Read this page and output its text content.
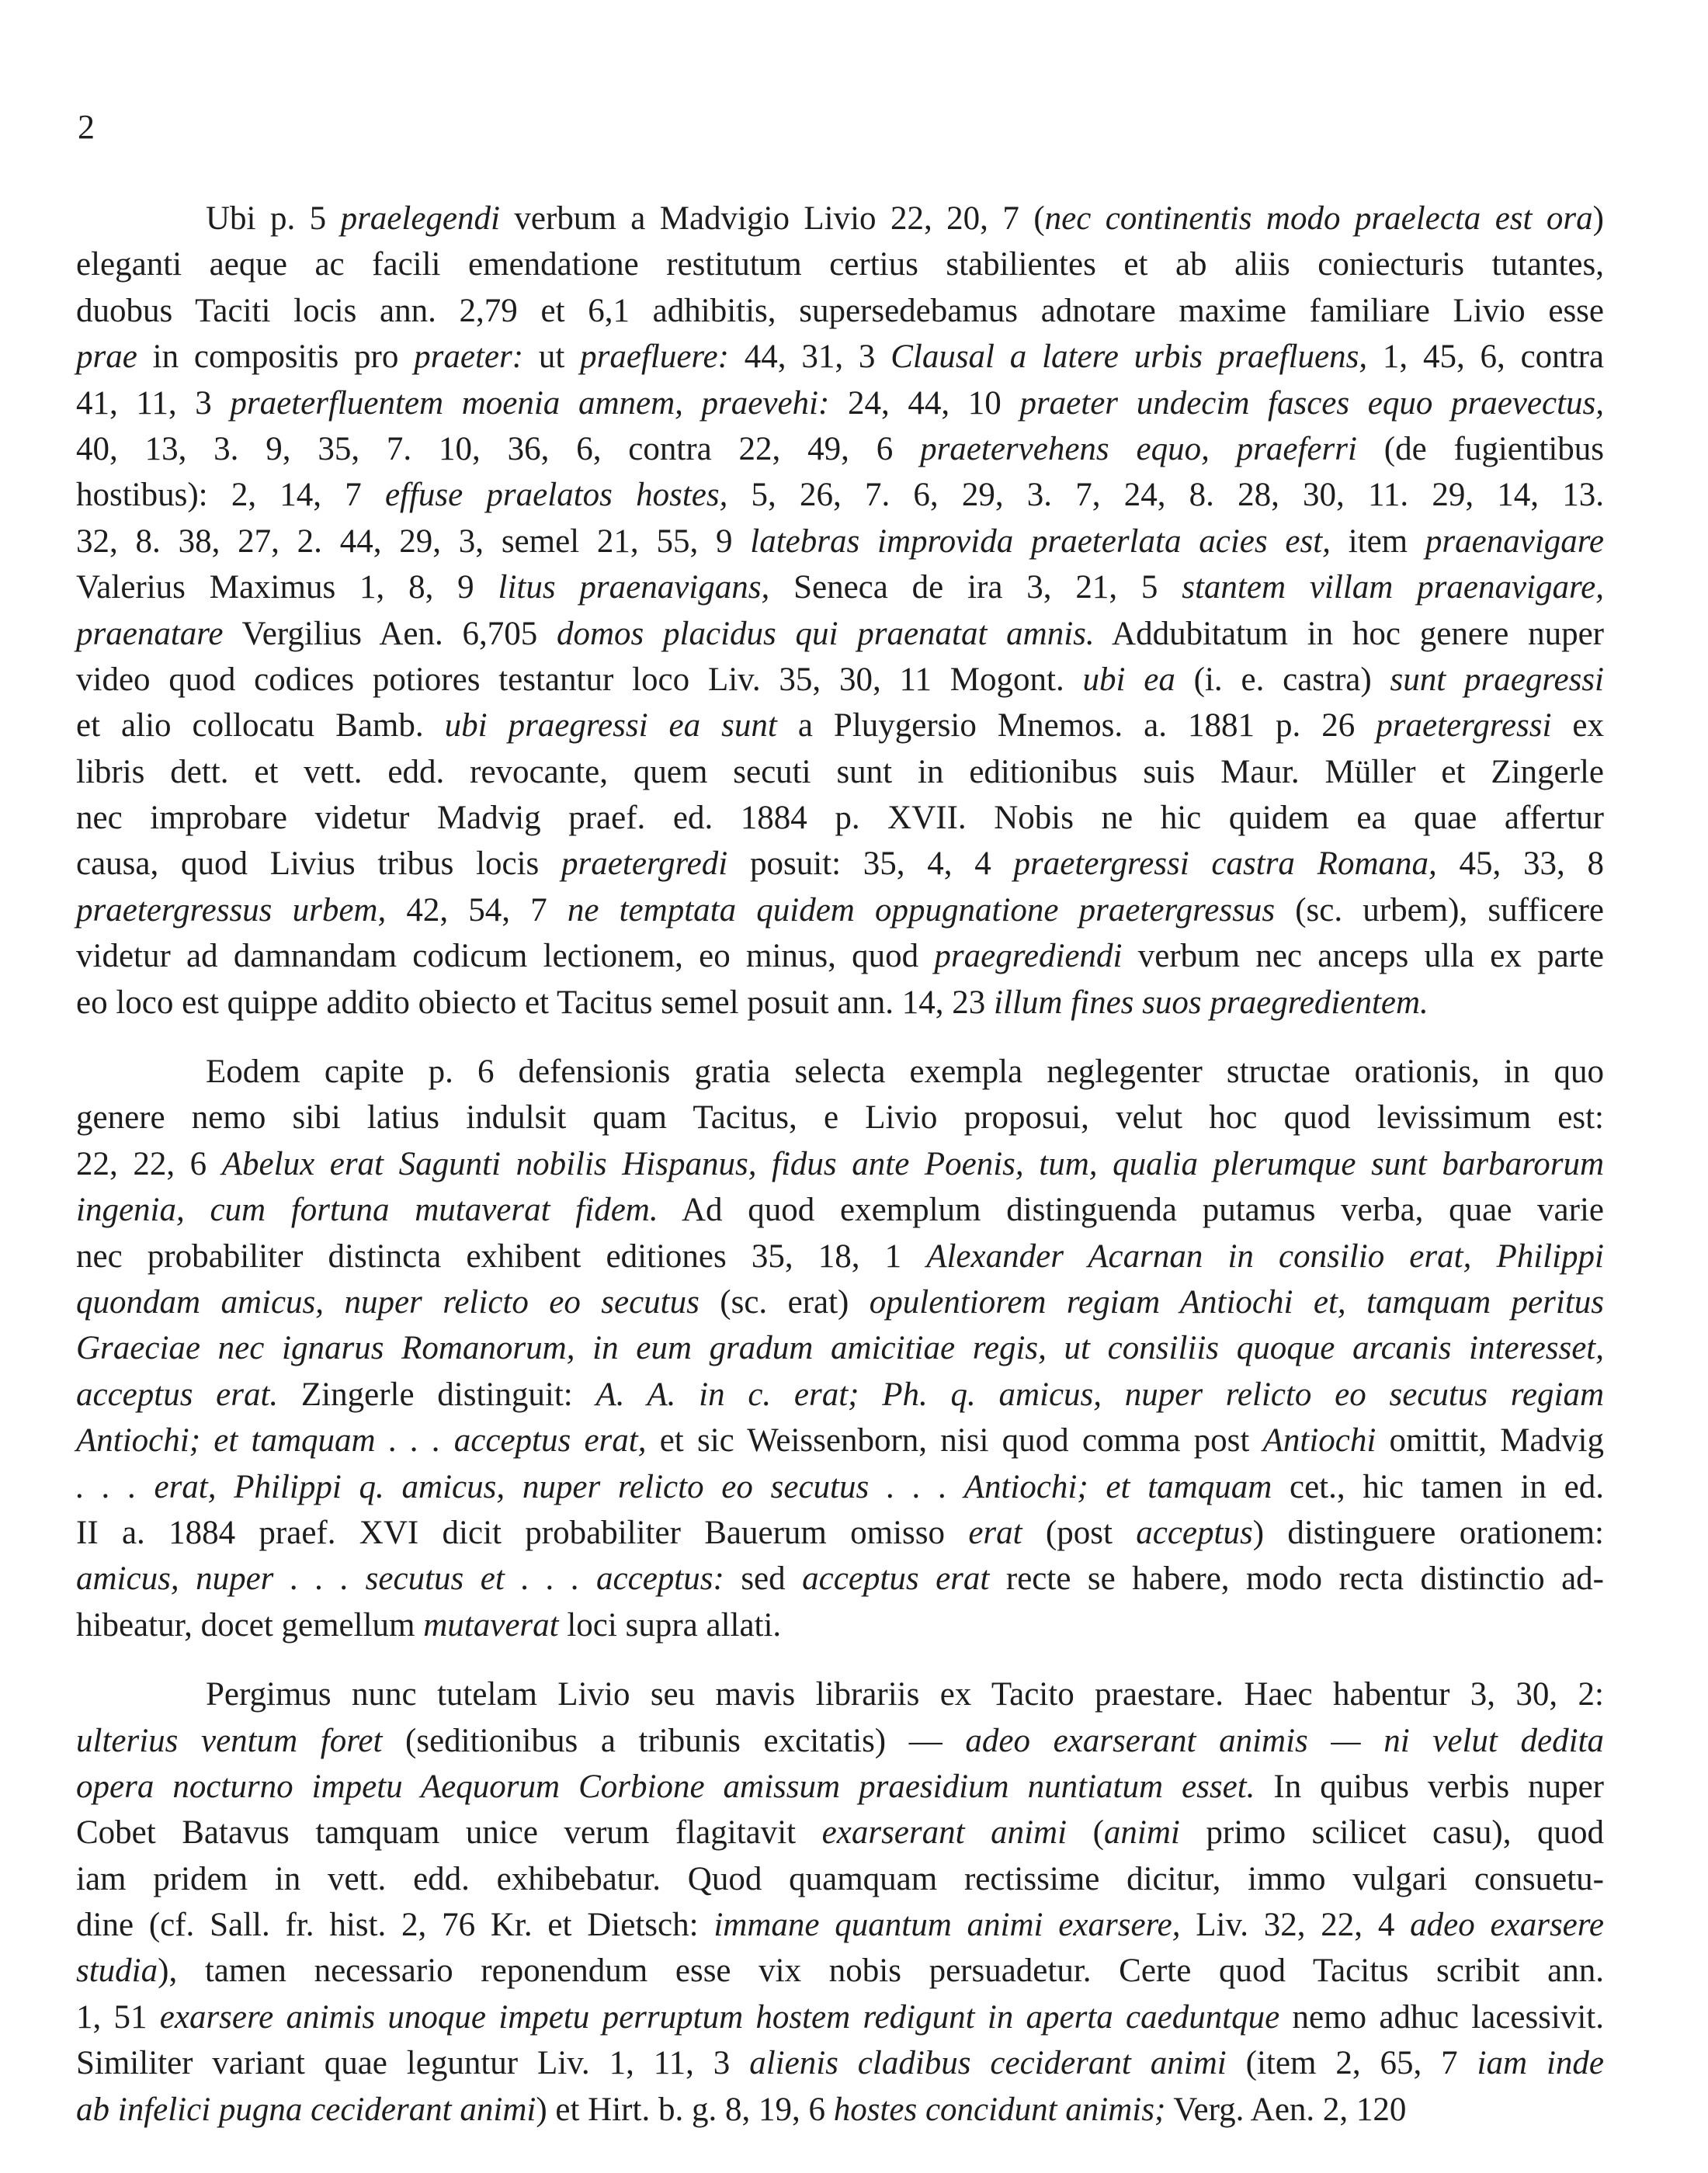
2
Ubi p. 5 praelegendi verbum a Madvigio Livio 22, 20, 7 (nec continentis modo praelecta est ora)
eleganti aeque ac facili emendatione restitutum certius stabilientes et ab aliis coniecturis tutantes,
duobus Taciti locis ann. 2,79 et 6,1 adhibitis, supersedebamus adnotare maxime familiare Livio esse
prae in compositis pro praeter: ut praefluere: 44, 31, 3 Clausal a latere urbis praefluens, 1, 45, 6, contra
41, 11, 3 praeterfluentem moenia amnem, praevehi: 24, 44, 10 praeter undecim fasces equo praevectus,
40, 13, 3. 9, 35, 7. 10, 36, 6, contra 22, 49, 6 praetervehens equo, praeferri (de fugientibus
hostibus): 2, 14, 7 effuse praelatos hostes, 5, 26, 7. 6, 29, 3. 7, 24, 8. 28, 30, 11. 29, 14, 13.
32, 8. 38, 27, 2. 44, 29, 3, semel 21, 55, 9 latebras improvida praeterlata acies est, item praenavigare
Valerius Maximus 1, 8, 9 litus praenavigans, Seneca de ira 3, 21, 5 stantem villam praenavigare,
praenatare Vergilius Aen. 6,705 domos placidus qui praenatat amnis. Addubitatum in hoc genere nuper
video quod codices potiores testantur loco Liv. 35, 30, 11 Mogont. ubi ea (i. e. castra) sunt praegressi
et alio collocatu Bamb. ubi praegressi ea sunt a Pluygersio Mnemos. a. 1881 p. 26 praetergressi ex
libris dett. et vett. edd. revocante, quem secuti sunt in editionibus suis Maur. Müller et Zingerle
nec improbare videtur Madvig praef. ed. 1884 p. XVII. Nobis ne hic quidem ea quae affertur
causa, quod Livius tribus locis praetergredi posuit: 35, 4, 4 praetergressi castra Romana, 45, 33, 8
praetergressus urbem, 42, 54, 7 ne temptata quidem oppugnatione praetergressus (sc. urbem), sufficere
videtur ad damnandam codicum lectionem, eo minus, quod praegrediendi verbum nec anceps ulla ex parte
eo loco est quippe addito obiecto et Tacitus semel posuit ann. 14, 23 illum fines suos praegredientem.
Eodem capite p. 6 defensionis gratia selecta exempla neglegenter structae orationis, in quo
genere nemo sibi latius indulsit quam Tacitus, e Livio proposui, velut hoc quod levissimum est:
22, 22, 6 Abelux erat Sagunti nobilis Hispanus, fidus ante Poenis, tum, qualia plerumque sunt barbarorum
ingenia, cum fortuna mutaverat fidem. Ad quod exemplum distinguenda putamus verba, quae varie
nec probabiliter distincta exhibent editiones 35, 18, 1 Alexander Acarnan in consilio erat, Philippi
quondam amicus, nuper relicto eo secutus (sc. erat) opulentiorem regiam Antiochi et, tamquam peritus
Graeciae nec ignarus Romanorum, in eum gradum amicitiae regis, ut consiliis quoque arcanis interesset,
acceptus erat. Zingerle distinguit: A. A. in c. erat; Ph. q. amicus, nuper relicto eo secutus regiam
Antiochi; et tamquam . . . acceptus erat, et sic Weissenborn, nisi quod comma post Antiochi omittit, Madvig
. . . erat, Philippi q. amicus, nuper relicto eo secutus . . . Antiochi; et tamquam cet., hic tamen in ed.
II a. 1884 praef. XVI dicit probabiliter Bauerum omisso erat (post acceptus) distinguere orationem:
amicus, nuper . . . secutus et . . . acceptus: sed acceptus erat recte se habere, modo recta distinctio ad-
hibeatur, docet gemellum mutaverat loci supra allati.
Pergimus nunc tutelam Livio seu mavis librariis ex Tacito praestare. Haec habentur 3, 30, 2:
ulterius ventum foret (seditionibus a tribunis excitatis) — adeo exarserant animis — ni velut dedita
opera nocturno impetu Aequorum Corbione amissum praesidium nuntiatum esset. In quibus verbis nuper
Cobet Batavus tamquam unice verum flagitavit exarserant animi (animi primo scilicet casu), quod
iam pridem in vett. edd. exhibebatur. Quod quamquam rectissime dicitur, immo vulgari consuetu-
dine (cf. Sall. fr. hist. 2, 76 Kr. et Dietsch: immane quantum animi exarsere, Liv. 32, 22, 4 adeo exarsere
studia), tamen necessario reponendum esse vix nobis persuadetur. Certe quod Tacitus scribit ann.
1, 51 exarsere animis unoque impetu perruptum hostem redigunt in aperta caeduntque nemo adhuc lacessivit.
Similiter variant quae leguntur Liv. 1, 11, 3 alienis cladibus ceciderant animi (item 2, 65, 7 iam inde
ab infelici pugna ceciderant animi) et Hirt. b. g. 8, 19, 6 hostes concidunt animis; Verg. Aen. 2, 120
